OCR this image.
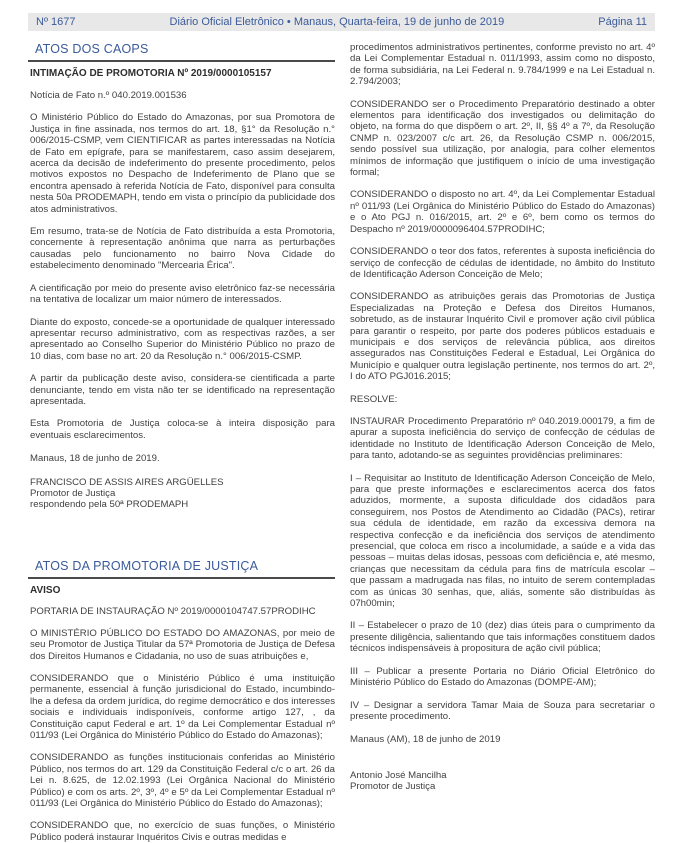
Nº 1677	Diário Oficial Eletrônico • Manaus, Quarta-feira, 19 de junho de 2019	Página 11
ATOS DOS CAOPS
INTIMAÇÃO DE PROMOTORIA Nº 2019/0000105157

Notícia de Fato n.º 040.2019.001536

O Ministério Público do Estado do Amazonas, por sua Promotora de Justiça in fine assinada, nos termos do art. 18, §1° da Resolução n.° 006/2015-CSMP, vem CIENTIFICAR as partes interessadas na Notícia de Fato em epígrafe, para se manifestarem, caso assim desejarem, acerca da decisão de indeferimento do presente procedimento, pelos motivos expostos no Despacho de Indeferimento de Plano que se encontra apensado à referida Notícia de Fato, disponível para consulta nesta 50a PRODEMAPH, tendo em vista o princípio da publicidade dos atos administrativos.

Em resumo, trata-se de Notícia de Fato distribuída a esta Promotoria, concernente à representação anônima que narra as perturbações causadas pelo funcionamento no bairro Nova Cidade do estabelecimento denominado "Mercearia Érica".

A cientificação por meio do presente aviso eletrônico faz-se necessária na tentativa de localizar um maior número de interessados.

Diante do exposto, concede-se a oportunidade de qualquer interessado apresentar recurso administrativo, com as respectivas razões, a ser apresentado ao Conselho Superior do Ministério Público no prazo de 10 dias, com base no art. 20 da Resolução n.° 006/2015-CSMP.

A partir da publicação deste aviso, considera-se cientificada a parte denunciante, tendo em vista não ter se identificado na representação apresentada.

Esta Promotoria de Justiça coloca-se à inteira disposição para eventuais esclarecimentos.

Manaus, 18 de junho de 2019.
FRANCISCO DE ASSIS AIRES ARGÜELLES
Promotor de Justiça
respondendo pela 50ª PRODEMAPH
ATOS DA PROMOTORIA DE JUSTIÇA
AVISO
PORTARIA DE INSTAURAÇÃO Nº 2019/0000104747.57PRODIHC

O MINISTÉRIO PÚBLICO DO ESTADO DO AMAZONAS, por meio de seu Promotor de Justiça Titular da 57ª Promotoria de Justiça de Defesa dos Direitos Humanos e Cidadania, no uso de suas atribuições e,

CONSIDERANDO que o Ministério Público é uma instituição permanente, essencial à função jurisdicional do Estado, incumbindo-lhe a defesa da ordem jurídica, do regime democrático e dos interesses sociais e individuais indisponíveis, conforme artigo 127, , da Constituição caput Federal e art. 1º da Lei Complementar Estadual nº 011/93 (Lei Orgânica do Ministério Público do Estado do Amazonas);

CONSIDERANDO as funções institucionais conferidas ao Ministério Público, nos termos do art. 129 da Constituição Federal c/c o art. 26 da Lei n. 8.625, de 12.02.1993 (Lei Orgânica Nacional do Ministério Público) e com os arts. 2º, 3º, 4º e 5º da Lei Complementar Estadual nº 011/93 (Lei Orgânica do Ministério Público do Estado do Amazonas);

CONSIDERANDO que, no exercício de suas funções, o Ministério Público poderá instaurar Inquéritos Civis e outras medidas e

procedimentos administrativos pertinentes, conforme previsto no art. 4º da Lei Complementar Estadual n. 011/1993, assim como no disposto, de forma subsidiária, na Lei Federal n. 9.784/1999 e na Lei Estadual n. 2.794/2003;

CONSIDERANDO ser o Procedimento Preparatório destinado a obter elementos para identificação dos investigados ou delimitação do objeto, na forma do que dispõem o art. 2º, II, §§ 4º a 7º, da Resolução CNMP n. 023/2007 c/c art. 26, da Resolução CSMP n. 006/2015, sendo possível sua utilização, por analogia, para colher elementos mínimos de informação que justifiquem o início de uma investigação formal;

CONSIDERANDO o disposto no art. 4º, da Lei Complementar Estadual nº 011/93 (Lei Orgânica do Ministério Público do Estado do Amazonas) e o Ato PGJ n. 016/2015, art. 2º e 6º, bem como os termos do Despacho nº 2019/0000096404.57PRODIHC;

CONSIDERANDO o teor dos fatos, referentes à suposta ineficiência do serviço de confecção de cédulas de identidade, no âmbito do Instituto de Identificação Aderson Conceição de Melo;

CONSIDERANDO as atribuições gerais das Promotorias de Justiça Especializadas na Proteção e Defesa dos Direitos Humanos, sobretudo, as de instaurar Inquérito Civil e promover ação civil pública para garantir o respeito, por parte dos poderes públicos estaduais e municipais e dos serviços de relevância pública, aos direitos assegurados nas Constituições Federal e Estadual, Lei Orgânica do Município e qualquer outra legislação pertinente, nos termos do art. 2º, I do ATO PGJ016.2015;

RESOLVE:

INSTAURAR Procedimento Preparatório nº 040.2019.000179, a fim de apurar a suposta ineficiência do serviço de confecção de cédulas de identidade no Instituto de Identificação Aderson Conceição de Melo, para tanto, adotando-se as seguintes providências preliminares:

I – Requisitar ao Instituto de Identificação Aderson Conceição de Melo, para que preste informações e esclarecimentos acerca dos fatos aduzidos, mormente, a suposta dificuldade dos cidadãos para conseguirem, nos Postos de Atendimento ao Cidadão (PACs), retirar sua cédula de identidade, em razão da excessiva demora na respectiva confecção e da ineficiência dos serviços de atendimento presencial, que coloca em risco a incolumidade, a saúde e a vida das pessoas – muitas delas idosas, pessoas com deficiência e, até mesmo, crianças que necessitam da cédula para fins de matrícula escolar – que passam a madrugada nas filas, no intuito de serem contempladas com as únicas 30 senhas, que, aliás, somente são distribuídas às 07h00min;

II – Estabelecer o prazo de 10 (dez) dias úteis para o cumprimento da presente diligência, salientando que tais informações constituem dados técnicos indispensáveis à propositura de ação civil pública;

III – Publicar a presente Portaria no Diário Oficial Eletrônico do Ministério Público do Estado do Amazonas (DOMPE-AM);

IV – Designar a servidora Tamar Maia de Souza para secretariar o presente procedimento.

Manaus (AM), 18 de junho de 2019
Antonio José Mancilha
Promotor de Justiça
